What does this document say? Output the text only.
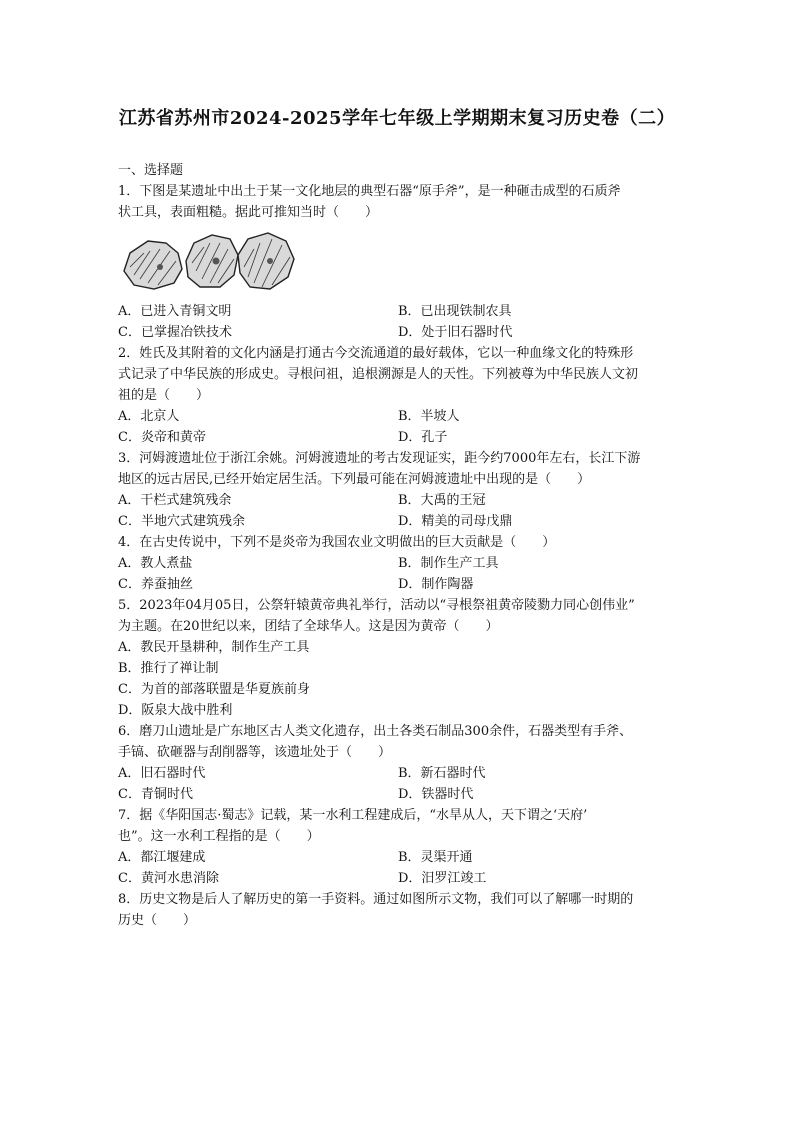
江苏省苏州市2024-2025学年七年级上学期期末复习历史卷（二）
一、选择题
1．下图是某遗址中出土于某一文化地层的典型石器“原手斧”，是一种砸击成型的石质斧
状工具，表面粗糙。据此可推知当时（　　）
A．已进入青铜文明	B．已出现铁制农具
C．已掌握冶铁技术	D．处于旧石器时代
2．姓氏及其附着的文化内涵是打通古今交流通道的最好载体，它以一种血缘文化的特殊形
式记录了中华民族的形成史。寻根问祖，追根溯源是人的天性。下列被尊为中华民族人文初
祖的是（　　）
A．北京人	B．半坡人
C．炎帝和黄帝	D．孔子
3．河姆渡遗址位于浙江余姚。河姆渡遗址的考古发现证实，距今约7000年左右，长江下游
地区的远古居民,已经开始定居生活。下列最可能在河姆渡遗址中出现的是（　　）
A．干栏式建筑残余	B．大禹的王冠
C．半地穴式建筑残余	D．精美的司母戊鼎
4．在古史传说中，下列不是炎帝为我国农业文明做出的巨大贡献是（　　）
A．教人煮盐	B．制作生产工具
C．养蚕抽丝	D．制作陶器
5．2023年04月05日，公祭轩辕黄帝典礼举行，活动以“寻根祭祖黄帝陵勠力同心创伟业”
为主题。在20世纪以来，团结了全球华人。这是因为黄帝（　　）
A．教民开垦耕种，制作生产工具
B．推行了禅让制
C．为首的部落联盟是华夏族前身
D．阪泉大战中胜利
6．磨刀山遗址是广东地区古人类文化遗存，出土各类石制品300余件，石器类型有手斧、
手镐、砍砸器与刮削器等，该遗址处于（　　）
A．旧石器时代	B．新石器时代
C．青铜时代	D．铁器时代
7．据《华阳国志·蜀志》记载，某一水利工程建成后，“水旱从人，天下谓之‘天府’
也”。这一水利工程指的是（　　）
A．都江堰建成	B．灵渠开通
C．黄河水患消除	D．汨罗江竣工
8．历史文物是后人了解历史的第一手资料。通过如图所示文物，我们可以了解哪一时期的
历史（　　）
